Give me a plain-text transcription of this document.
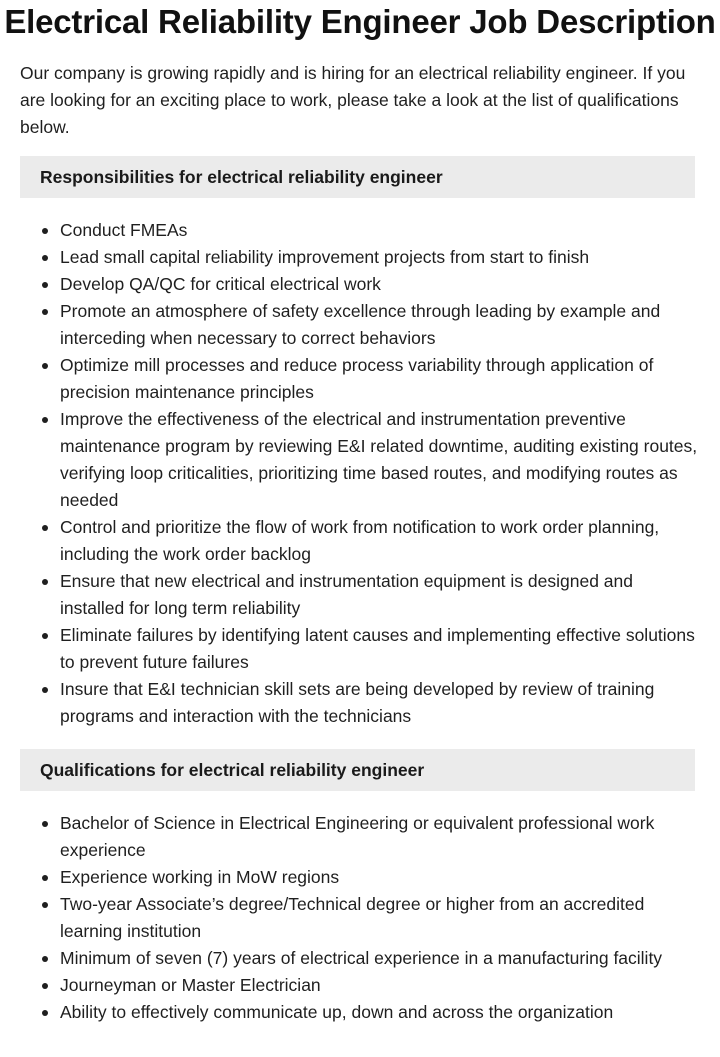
Electrical Reliability Engineer Job Description

Our company is growing rapidly and is hiring for an electrical reliability engineer. If you are looking for an exciting place to work, please take a look at the list of qualifications below.

Responsibilities for electrical reliability engineer
Conduct FMEAs
Lead small capital reliability improvement projects from start to finish
Develop QA/QC for critical electrical work
Promote an atmosphere of safety excellence through leading by example and interceding when necessary to correct behaviors
Optimize mill processes and reduce process variability through application of precision maintenance principles
Improve the effectiveness of the electrical and instrumentation preventive maintenance program by reviewing E&I related downtime, auditing existing routes, verifying loop criticalities, prioritizing time based routes, and modifying routes as needed
Control and prioritize the flow of work from notification to work order planning, including the work order backlog
Ensure that new electrical and instrumentation equipment is designed and installed for long term reliability
Eliminate failures by identifying latent causes and implementing effective solutions to prevent future failures
Insure that E&I technician skill sets are being developed by review of training programs and interaction with the technicians
Qualifications for electrical reliability engineer
Bachelor of Science in Electrical Engineering or equivalent professional work experience
Experience working in MoW regions
Two-year Associate’s degree/Technical degree or higher from an accredited learning institution
Minimum of seven (7) years of electrical experience in a manufacturing facility
Journeyman or Master Electrician
Ability to effectively communicate up, down and across the organization
